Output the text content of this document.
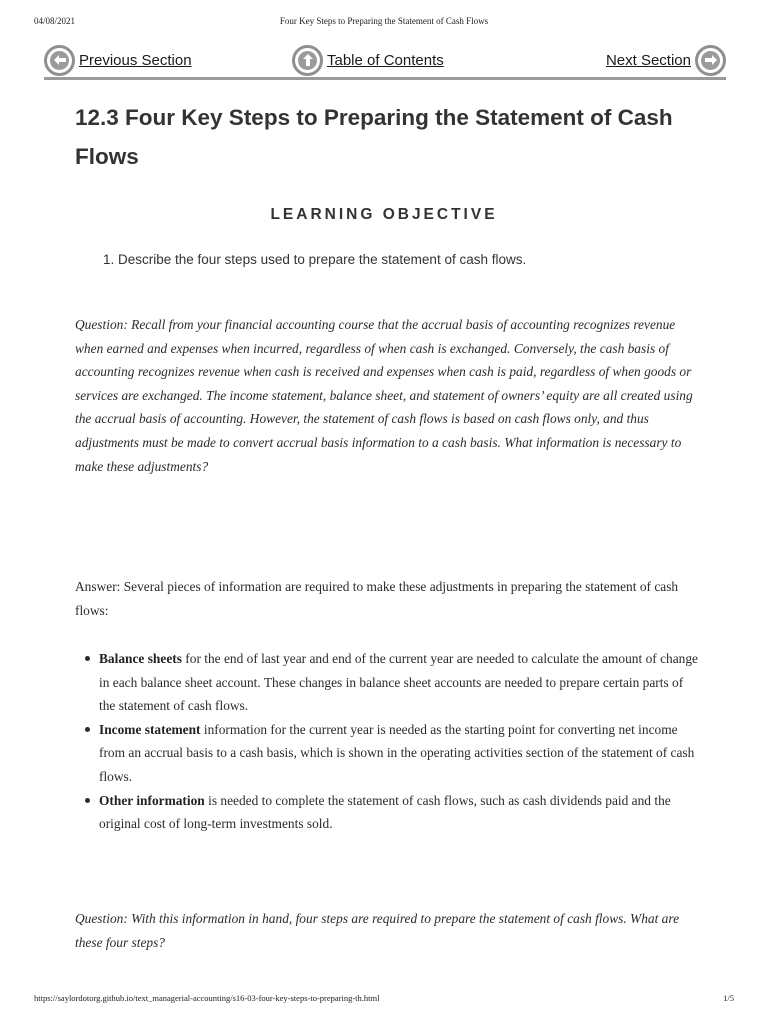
04/08/2021	Four Key Steps to Preparing the Statement of Cash Flows
Previous Section	Table of Contents	Next Section
12.3 Four Key Steps to Preparing the Statement of Cash Flows
LEARNING OBJECTIVE
1. Describe the four steps used to prepare the statement of cash flows.

Question: Recall from your financial accounting course that the accrual basis of accounting recognizes revenue when earned and expenses when incurred, regardless of when cash is exchanged. Conversely, the cash basis of accounting recognizes revenue when cash is received and expenses when cash is paid, regardless of when goods or services are exchanged. The income statement, balance sheet, and statement of owners’ equity are all created using the accrual basis of accounting. However, the statement of cash flows is based on cash flows only, and thus adjustments must be made to convert accrual basis information to a cash basis. What information is necessary to make these adjustments?

Answer: Several pieces of information are required to make these adjustments in preparing the statement of cash flows:

Balance sheets for the end of last year and end of the current year are needed to calculate the amount of change in each balance sheet account. These changes in balance sheet accounts are needed to prepare certain parts of the statement of cash flows.
Income statement information for the current year is needed as the starting point for converting net income from an accrual basis to a cash basis, which is shown in the operating activities section of the statement of cash flows.
Other information is needed to complete the statement of cash flows, such as cash dividends paid and the original cost of long-term investments sold.

Question: With this information in hand, four steps are required to prepare the statement of cash flows. What are these four steps?

https://saylordotorg.github.io/text_managerial-accounting/s16-03-four-key-steps-to-preparing-th.html	1/5
